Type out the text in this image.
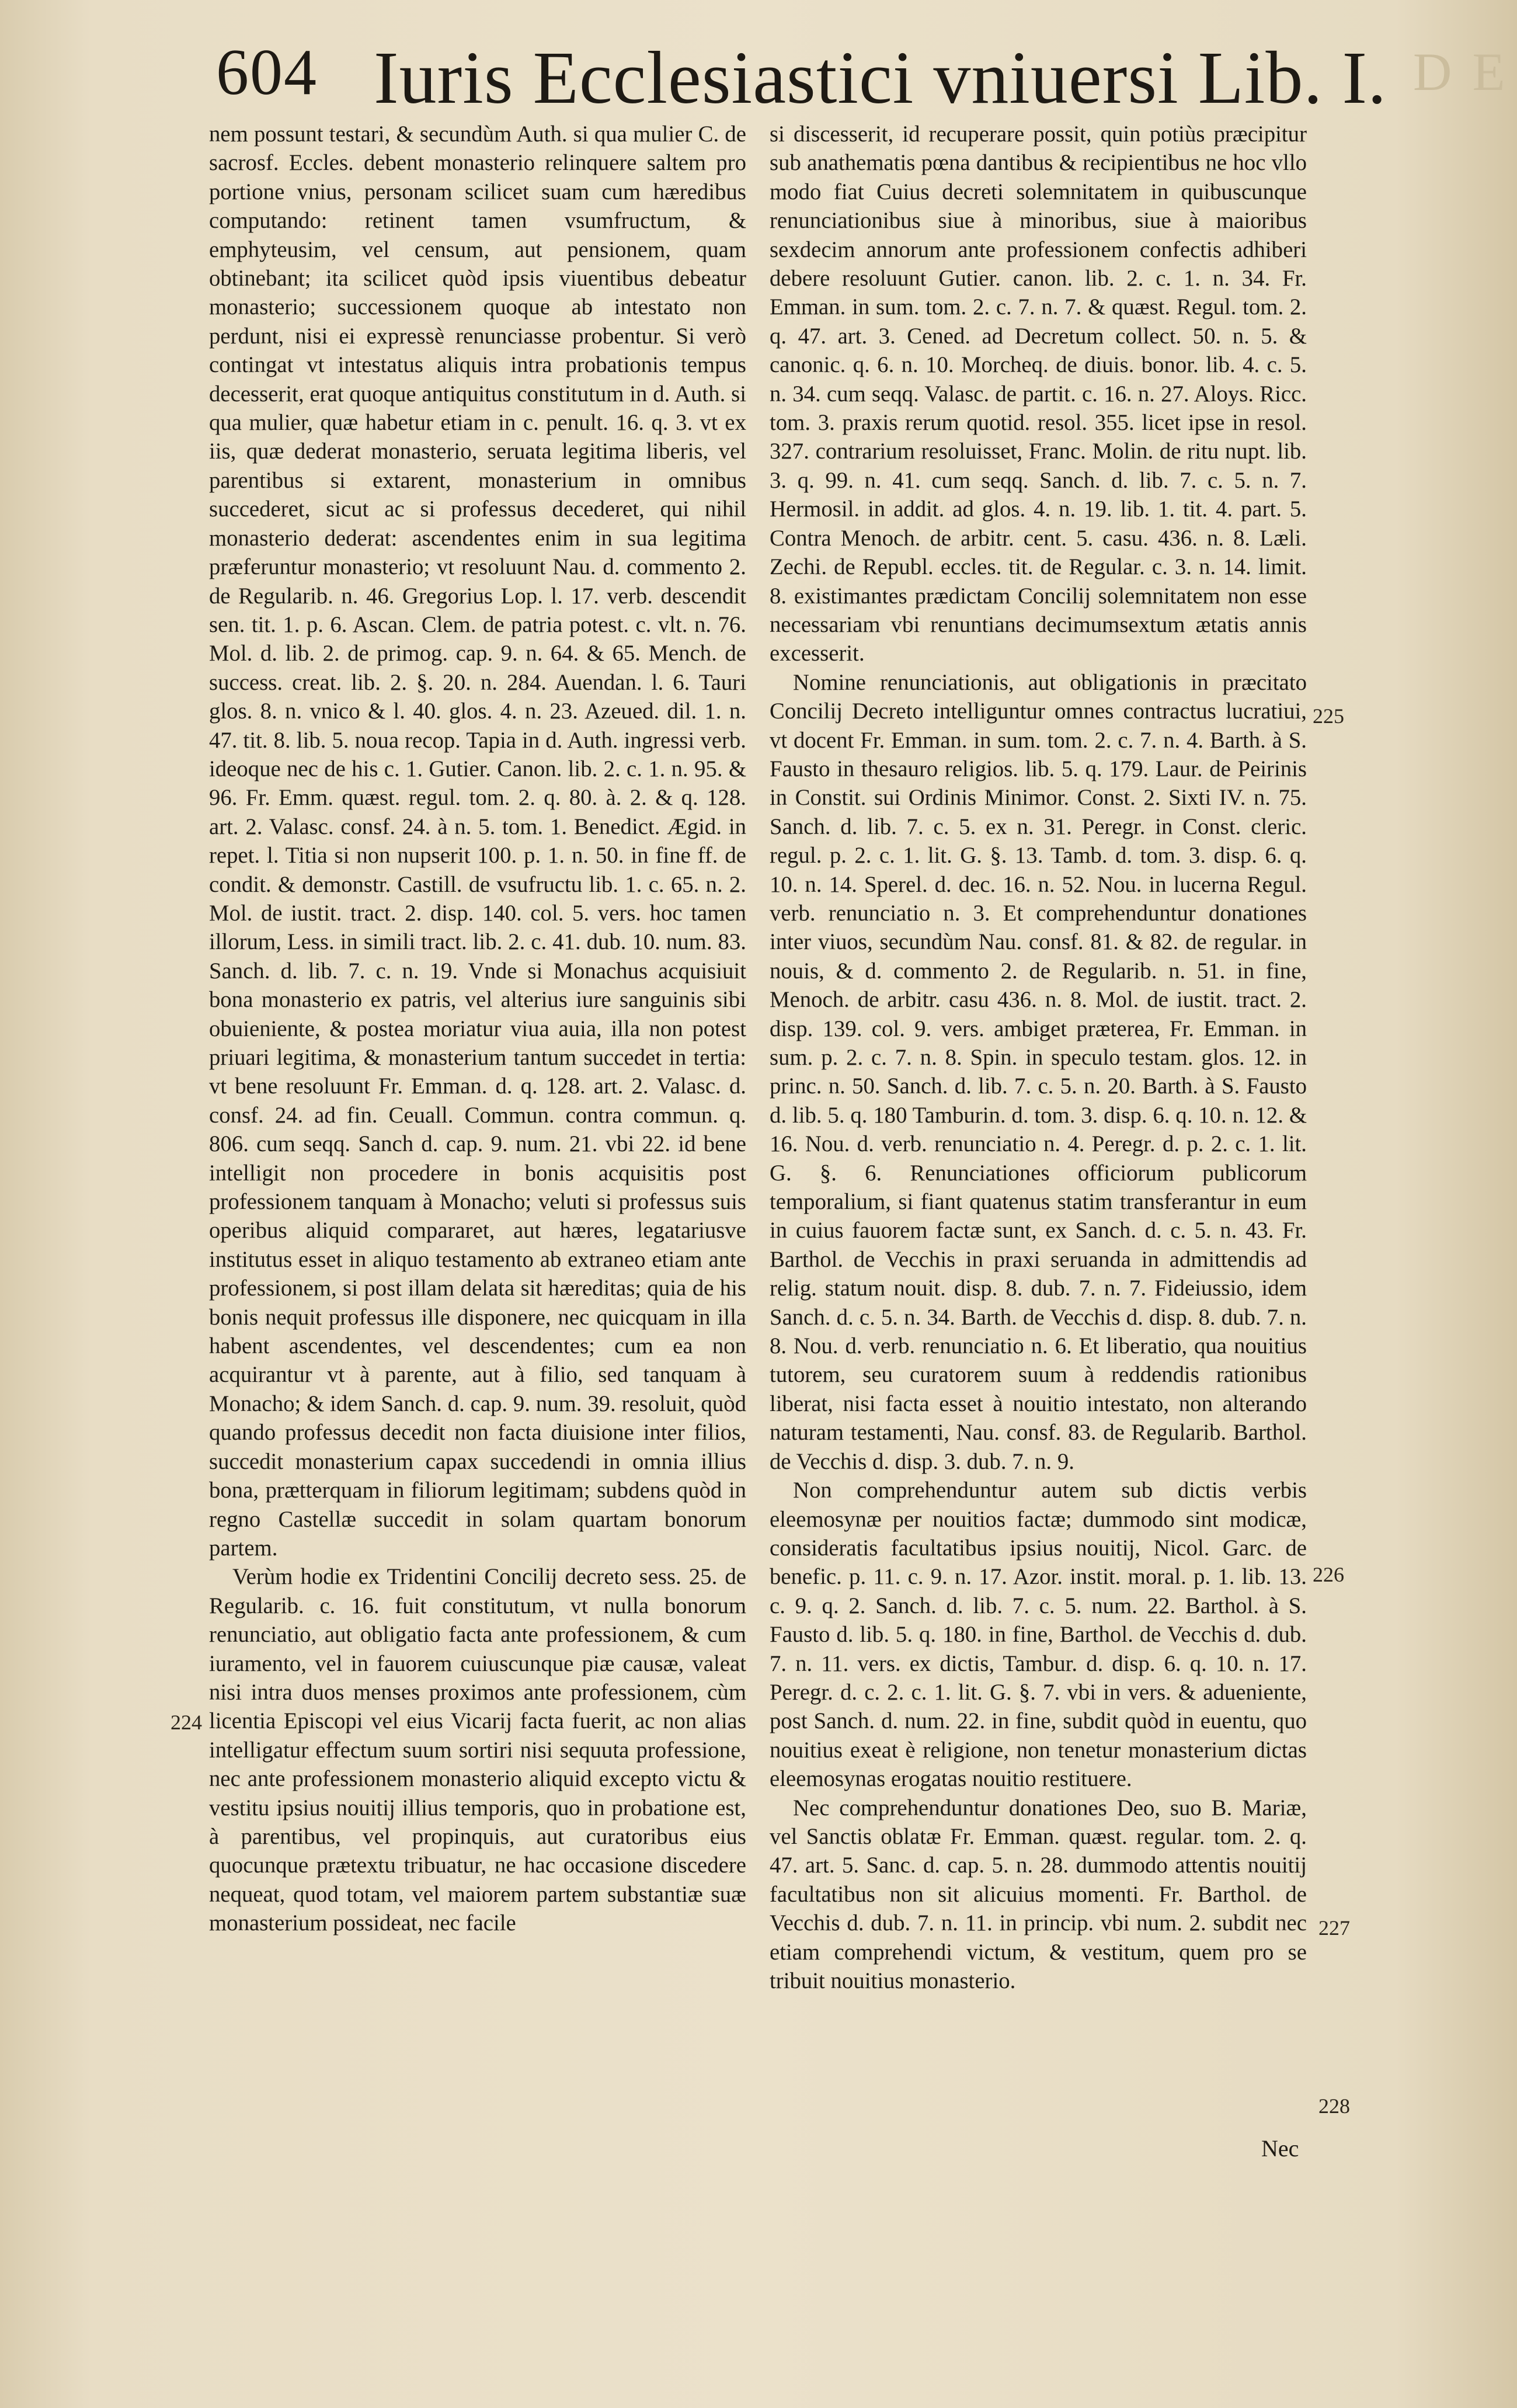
604 Iuris Ecclesiastici vniuersi Lib. I. D E

nem possunt testari, & secundùm Auth. si qua mulier C. de sacrosf. Eccles. debent monasterio relinquere saltem pro portione vnius, personam scilicet suam cum hæredibus computando: retinent tamen vsumfructum, & emphyteusim, vel censum, aut pensionem, quam obtinebant; ita scilicet quòd ipsis viuentibus debeatur monasterio; successionem quoque ab intestato non perdunt, nisi ei expressè renunciasse probentur. Si verò contingat vt intestatus aliquis intra probationis tempus decesserit, erat quoque antiquitus constitutum in d. Auth. si qua mulier, quæ habetur etiam in c. penult. 16. q. 3. vt ex iis, quæ dederat monasterio, seruata legitima liberis, vel parentibus si extarent, monasterium in omnibus succederet, sicut ac si professus decederet, qui nihil monasterio dederat: ascendentes enim in sua legitima præferuntur monasterio; vt resoluunt Nau. d. commento 2. de Regularib. n. 46. Gregorius Lop. l. 17. verb. descendit sen. tit. 1. p. 6. Ascan. Clem. de patria potest. c. vlt. n. 76. Mol. d. lib. 2. de primog. cap. 9. n. 64. & 65. Mench. de success. creat. lib. 2. §. 20. n. 284. Auendan. l. 6. Tauri glos. 8. n. vnico & l. 40. glos. 4. n. 23. Azeued. dil. 1. n. 47. tit. 8. lib. 5. noua recop. Tapia in d. Auth. ingressi verb. ideoque nec de his c. 1. Gutier. Canon. lib. 2. c. 1. n. 95. & 96. Fr. Emm. quæst. regul. tom. 2. q. 80. à. 2. & q. 128. art. 2. Valasc. consf. 24. à n. 5. tom. 1. Benedict. Ægid. in repet. l. Titia si non nupserit 100. p. 1. n. 50. in fine ff. de condit. & demonstr. Castill. de vsufructu lib. 1. c. 65. n. 2. Mol. de iustit. tract. 2. disp. 140. col. 5. vers. hoc tamen illorum, Less. in simili tract. lib. 2. c. 41. dub. 10. num. 83. Sanch. d. lib. 7. c. n. 19. Vnde si Monachus acquisiuit bona monasterio ex patris, vel alterius iure sanguinis sibi obuieniente, & postea moriatur viua auia, illa non potest priuari legitima, & monasterium tantum succedet in tertia: vt bene resoluunt Fr. Emman. d. q. 128. art. 2. Valasc. d. consf. 24. ad fin. Ceuall. Commun. contra commun. q. 806. cum seqq. Sanch d. cap. 9. num. 21. vbi 22. id bene intelligit non procedere in bonis acquisitis post professionem tanquam à Monacho; veluti si professus suis operibus aliquid compararet, aut hæres, legatariusve institutus esset in aliquo testamento ab extraneo etiam ante professionem, si post illam delata sit hæreditas; quia de his bonis nequit professus ille disponere, nec quicquam in illa habent ascendentes, vel descendentes; cum ea non acquirantur vt à parente, aut à filio, sed tanquam à Monacho; & idem Sanch. d. cap. 9. num. 39. resoluit, quòd quando professus decedit non facta diuisione inter filios, succedit monasterium capax succedendi in omnia illius bona, prætterquam in filiorum legitimam; subdens quòd in regno Castellæ succedit in solam quartam bonorum partem.

Verùm hodie ex Tridentini Concilij decreto sess. 25. de Regularib. c. 16. fuit constitutum, vt nulla bonorum renunciatio, aut obligatio facta ante professionem, & cum iuramento, vel in fauorem cuiuscunque piæ causæ, valeat nisi intra duos menses proximos ante professionem, cùm licentia Episcopi vel eius Vicarij facta fuerit, ac non alias intelligatur effectum suum sortiri nisi sequuta professione, nec ante professionem monasterio aliquid excepto victu & vestitu ipsius nouitij illius temporis, quo in probatione est, à parentibus, vel propinquis, aut curatoribus eius quocunque prætextu tribuatur, ne hac occasione discedere nequeat, quod totam, vel maiorem partem substantiæ suæ monasterium possideat, nec facile

224

si discesserit, id recuperare possit, quin potiùs præcipitur sub anathematis pœna dantibus & recipientibus ne hoc vllo modo fiat Cuius decreti solemnitatem in quibuscunque renunciationibus siue à minoribus, siue à maioribus sexdecim annorum ante professionem confectis adhiberi debere resoluunt Gutier. canon. lib. 2. c. 1. n. 34. Fr. Emman. in sum. tom. 2. c. 7. n. 7. & quæst. Regul. tom. 2. q. 47. art. 3. Cened. ad Decretum collect. 50. n. 5. & canonic. q. 6. n. 10. Morcheq. de diuis. bonor. lib. 4. c. 5. n. 34. cum seqq. Valasc. de partit. c. 16. n. 27. Aloys. Ricc. tom. 3. praxis rerum quotid. resol. 355. licet ipse in resol. 327. contrarium resoluisset, Franc. Molin. de ritu nupt. lib. 3. q. 99. n. 41. cum seqq. Sanch. d. lib. 7. c. 5. n. 7. Hermosil. in addit. ad glos. 4. n. 19. lib. 1. tit. 4. part. 5. Contra Menoch. de arbitr. cent. 5. casu. 436. n. 8. Læli. Zechi. de Republ. eccles. tit. de Regular. c. 3. n. 14. limit. 8. existimantes prædictam Concilij solemnitatem non esse necessariam vbi renuntians decimumsextum ætatis annis excesserit.

Nomine renunciationis, aut obligationis in præcitato Concilij Decreto intelliguntur omnes contractus lucratiui, vt docent Fr. Emman. in sum. tom. 2. c. 7. n. 4. Barth. à S. Fausto in thesauro religios. lib. 5. q. 179. Laur. de Peirinis in Constit. sui Ordinis Minimor. Const. 2. Sixti IV. n. 75. Sanch. d. lib. 7. c. 5. ex n. 31. Peregr. in Const. cleric. regul. p. 2. c. 1. lit. G. §. 13. Tamb. d. tom. 3. disp. 6. q. 10. n. 14. Sperel. d. dec. 16. n. 52. Nou. in lucerna Regul. verb. renunciatio n. 3. Et comprehenduntur donationes inter viuos, secundùm Nau. consf. 81. & 82. de regular. in nouis, & d. commento 2. de Regularib. n. 51. in fine, Menoch. de arbitr. casu 436. n. 8. Mol. de iustit. tract. 2. disp. 139. col. 9. vers. ambiget præterea, Fr. Emman. in sum. p. 2. c. 7. n. 8. Spin. in speculo testam. glos. 12. in princ. n. 50. Sanch. d. lib. 7. c. 5. n. 20. Barth. à S. Fausto d. lib. 5. q. 180 Tamburin. d. tom. 3. disp. 6. q. 10. n. 12. & 16. Nou. d. verb. renunciatio n. 4. Peregr. d. p. 2. c. 1. lit. G. §. 6. Renunciationes officiorum publicorum temporalium, si fiant quatenus statim transferantur in eum in cuius fauorem factæ sunt, ex Sanch. d. c. 5. n. 43. Fr. Barthol. de Vecchis in praxi seruanda in admittendis ad relig. statum nouit. disp. 8. dub. 7. n. 7. Fideiussio, idem Sanch. d. c. 5. n. 34. Barth. de Vecchis d. disp. 8. dub. 7. n. 8. Nou. d. verb. renunciatio n. 6. Et liberatio, qua nouitius tutorem, seu curatorem suum à reddendis rationibus liberat, nisi facta esset à nouitio intestato, non alterando naturam testamenti, Nau. consf. 83. de Regularib. Barthol. de Vecchis d. disp. 3. dub. 7. n. 9.

Non comprehenduntur autem sub dictis verbis eleemosynæ per nouitios factæ; dummodo sint modicæ, consideratis facultatibus ipsius nouitij, Nicol. Garc. de benefic. p. 11. c. 9. n. 17. Azor. instit. moral. p. 1. lib. 13. c. 9. q. 2. Sanch. d. lib. 7. c. 5. num. 22. Barthol. à S. Fausto d. lib. 5. q. 180. in fine, Barthol. de Vecchis d. dub. 7. n. 11. vers. ex dictis, Tambur. d. disp. 6. q. 10. n. 17. Peregr. d. c. 2. c. 1. lit. G. §. 7. vbi in vers. & adueniente, post Sanch. d. num. 22. in fine, subdit quòd in euentu, quo nouitius exeat è religione, non tenetur monasterium dictas eleemosynas erogatas nouitio restituere.

Nec comprehenduntur donationes Deo, suo B. Mariæ, vel Sanctis oblatæ Fr. Emman. quæst. regular. tom. 2. q. 47. art. 5. Sanc. d. cap. 5. n. 28. dummodo attentis nouitij facultatibus non sit alicuius momenti. Fr. Barthol. de Vecchis d. dub. 7. n. 11. in princip. vbi num. 2. subdit nec etiam comprehendi victum, & vestitum, quem pro se tribuit nouitius monasterio.

225
226
227
228
Nec
